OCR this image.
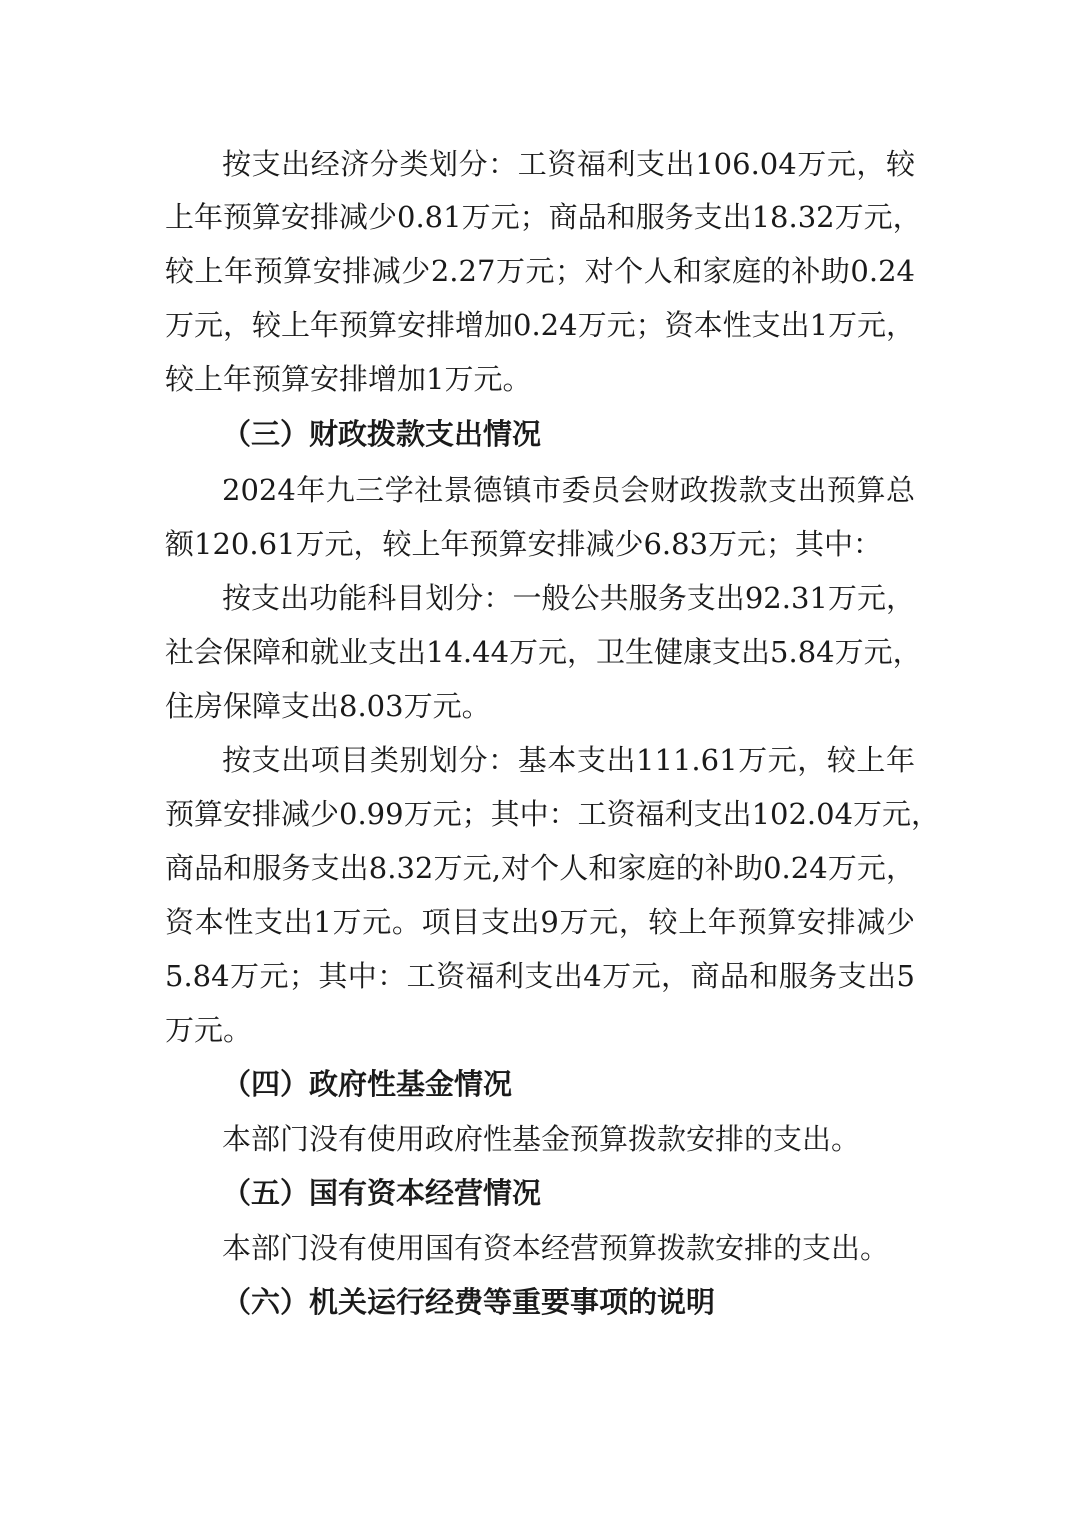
按支出经济分类划分：工资福利支出106.04万元，较
上年预算安排减少0.81万元；商品和服务支出18.32万元，
较上年预算安排减少2.27万元；对个人和家庭的补助0.24
万元，较上年预算安排增加0.24万元；资本性支出1万元，
较上年预算安排增加1万元。
（三）财政拨款支出情况
2024年九三学社景德镇市委员会财政拨款支出预算总
额120.61万元，较上年预算安排减少6.83万元；其中：
按支出功能科目划分：一般公共服务支出92.31万元，
社会保障和就业支出14.44万元，卫生健康支出5.84万元，
住房保障支出8.03万元。
按支出项目类别划分：基本支出111.61万元，较上年
预算安排减少0.99万元；其中：工资福利支出102.04万元，
商品和服务支出8.32万元,对个人和家庭的补助0.24万元，
资本性支出1万元。项目支出9万元，较上年预算安排减少
5.84万元；其中：工资福利支出4万元，商品和服务支出5
万元。
（四）政府性基金情况
本部门没有使用政府性基金预算拨款安排的支出。
（五）国有资本经营情况
本部门没有使用国有资本经营预算拨款安排的支出。
（六）机关运行经费等重要事项的说明
